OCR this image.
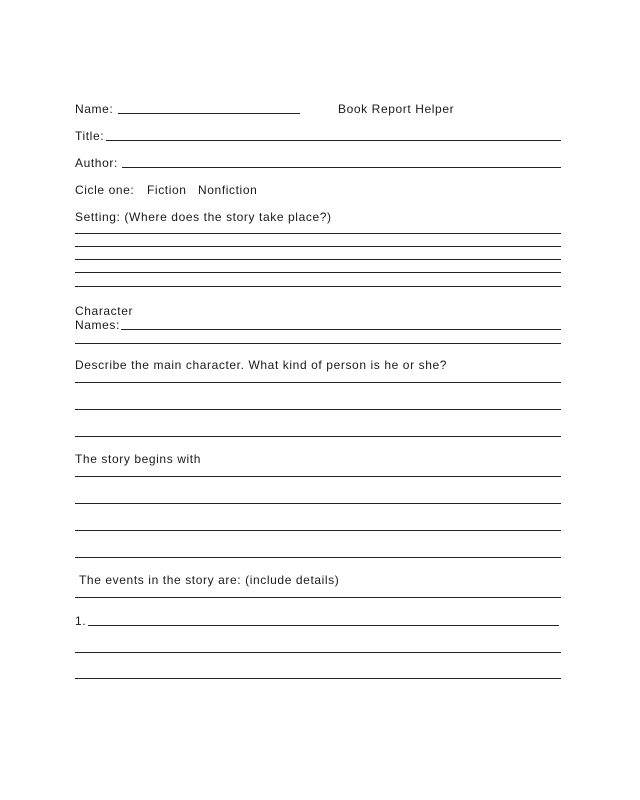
Name:	Book Report Helper
Title:
Author:
Cicle one: Fiction Nonfiction
Setting: (Where does the story take place?)
Character
Names:
Describe the main character. What kind of person is he or she?
The story begins with
The events in the story are: (include details)
1.
